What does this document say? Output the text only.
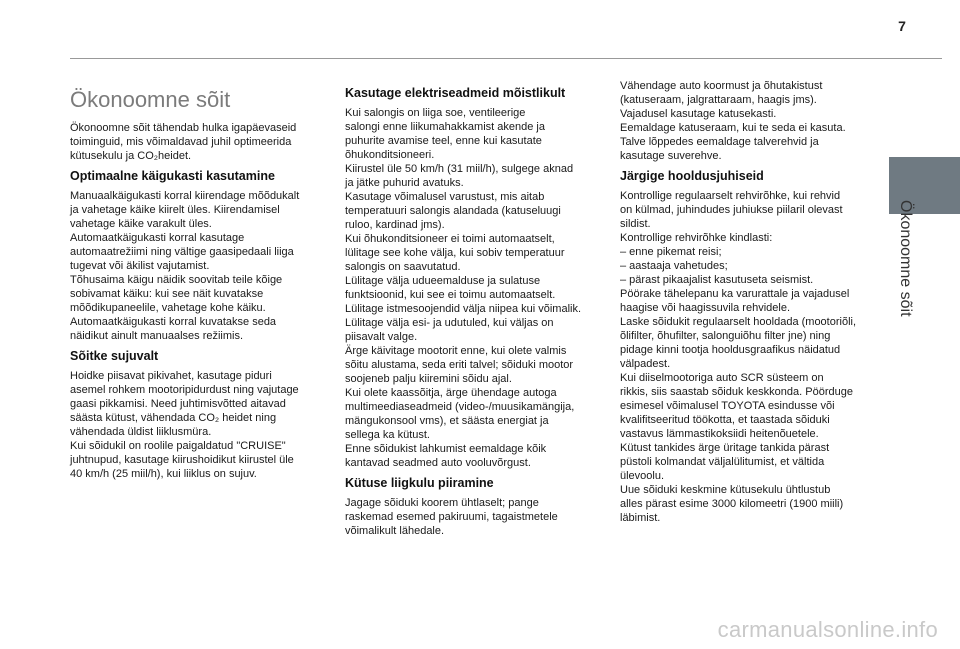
7
Ökonoomne sõit
Ökonoomne sõit

Ökonoomne sõit tähendab hulka igapäevaseid
toiminguid, mis võimaldavad juhil optimeerida
kütusekulu ja CO₂heidet.

Optimaalne käigukasti kasutamine

Manuaalkäigukasti korral kiirendage mõõdukalt
ja vahetage käike kiirelt üles. Kiirendamisel
vahetage käike varakult üles.
Automaatkäigukasti korral kasutage
automaatrežiimi ning vältige gaasipedaali liiga
tugevat või äkilist vajutamist.
Tõhusaima käigu näidik soovitab teile kõige
sobivamat käiku: kui see näit kuvatakse
mõõdikupaneelile, vahetage kohe käiku.
Automaatkäigukasti korral kuvatakse seda
näidikut ainult manuaalses režiimis.

Sõitke sujuvalt

Hoidke piisavat pikivahet, kasutage piduri
asemel rohkem mootoripidurdust ning vajutage
gaasi pikkamisi. Need juhtimisvõtted aitavad
säästa kütust, vähendada CO₂ heidet ning
vähendada üldist liiklusmüra.
Kui sõidukil on roolile paigaldatud "CRUISE"
juhtnupud, kasutage kiirushoidikut kiirustel üle
40 km/h (25 miil/h), kui liiklus on sujuv.

Kasutage elektriseadmeid mõistlikult

Kui salongis on liiga soe, ventileerige
salongi enne liikumahakkamist akende ja
puhurite avamise teel, enne kui kasutate
õhukonditsioneeri.
Kiirustel üle 50 km/h (31 miil/h), sulgege aknad
ja jätke puhurid avatuks.
Kasutage võimalusel varustust, mis aitab
temperatuuri salongis alandada (katuseluugi
ruloo, kardinad jms).
Kui õhukonditsioneer ei toimi automaatselt,
lülitage see kohe välja, kui sobiv temperatuur
salongis on saavutatud.
Lülitage välja udueemalduse ja sulatuse
funktsioonid, kui see ei toimu automaatselt.
Lülitage istmesoojendid välja niipea kui võimalik.
Lülitage välja esi- ja udutuled, kui väljas on
piisavalt valge.
Ärge käivitage mootorit enne, kui olete valmis
sõitu alustama, seda eriti talvel; sõiduki mootor
soojeneb palju kiiremini sõidu ajal.
Kui olete kaassõitja, ärge ühendage autoga
multimeediaseadmeid (video-/muusikamängija,
mängukonsool vms), et säästa energiat ja
sellega ka kütust.
Enne sõidukist lahkumist eemaldage kõik
kantavad seadmed auto vooluvõrgust.

Kütuse liigkulu piiramine

Jagage sõiduki koorem ühtlaselt; pange
raskemad esemed pakiruumi, tagaistmetele
võimalikult lähedale.

Vähendage auto koormust ja õhutakistust
(katuseraam, jalgrattaraam, haagis jms).
Vajadusel kasutage katusekasti.
Eemaldage katuseraam, kui te seda ei kasuta.
Talve lõppedes eemaldage talverehvid ja
kasutage suverehve.

Järgige hooldusjuhiseid

Kontrollige regulaarselt rehvirõhke, kui rehvid
on külmad, juhindudes juhiukse piilaril olevast
sildist.
Kontrollige rehvirõhke kindlasti:
– enne pikemat reisi;
– aastaaja vahetudes;
– pärast pikaajalist kasutuseta seismist.
Pöörake tähelepanu ka varurattale ja vajadusel
haagise või haagissuvila rehvidele.
Laske sõidukit regulaarselt hooldada (mootoriõli,
õlifilter, õhufilter, salonguiõhu filter jne) ning
pidage kinni tootja hooldusgraafikus näidatud
välpadest.
Kui diiselmootoriga auto SCR süsteem on
rikkis, siis saastab sõiduk keskkonda. Pöörduge
esimesel võimalusel TOYOTA esindusse või
kvalifitseeritud töökotta, et taastada sõiduki
vastavus lämmastikoksiidi heitenõuetele.
Kütust tankides ärge üritage tankida pärast
püstoli kolmandat väljalülitumist, et vältida
ülevoolu.
Uue sõiduki keskmine kütusekulu ühtlustub
alles pärast esime 3000 kilomeetri (1900 miili)
läbimist.

carmanualsonline.info
